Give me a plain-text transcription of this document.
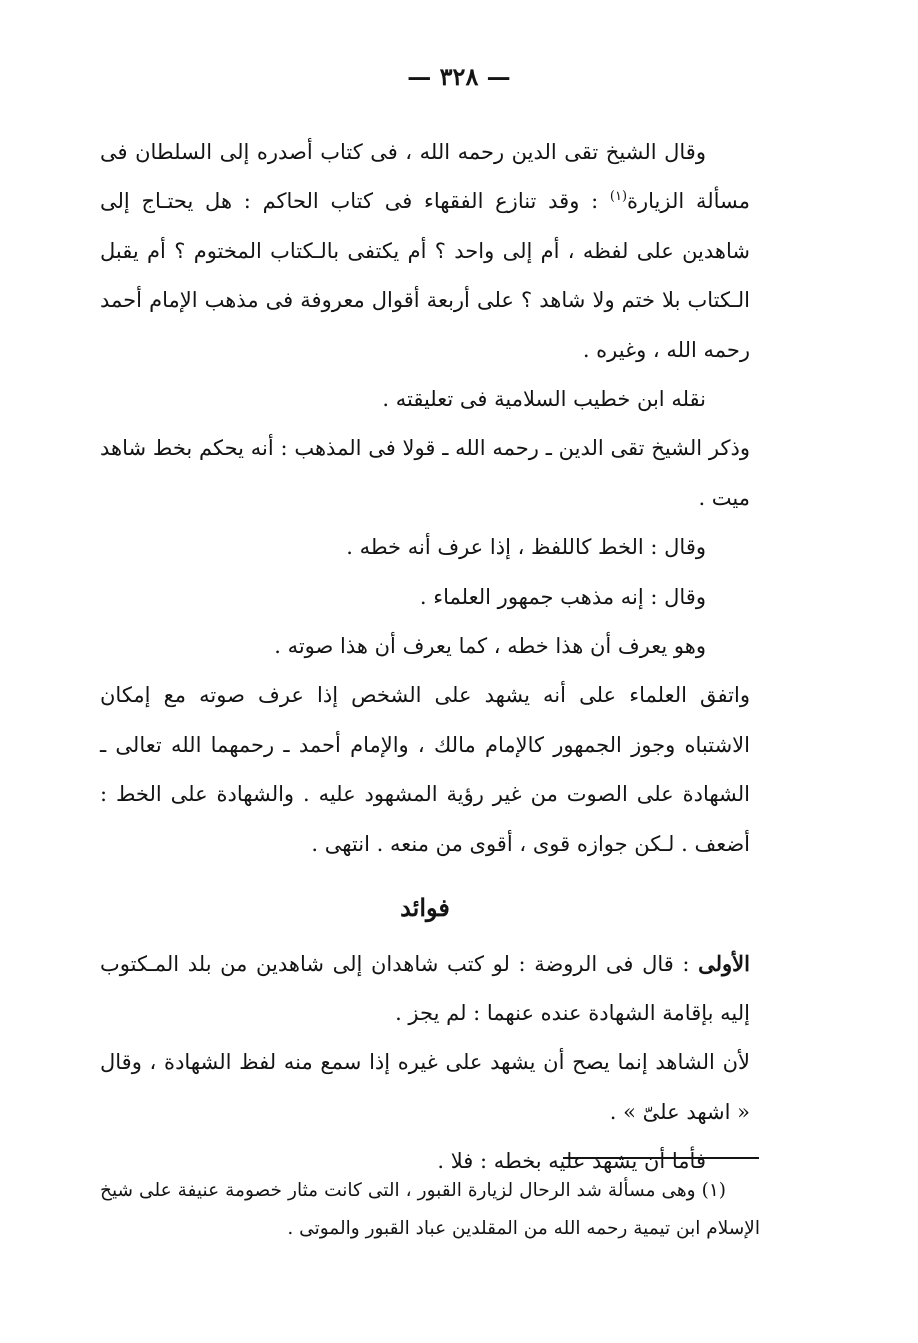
— ٣٢٨ —

وقال الشيخ تقى الدين رحمه الله ، فى كتاب أصدره إلى السلطان فى مسألة الزيارة$^{(١)}$ : وقد تنازع الفقهاء فى كتاب الحاكم : هل يحتـاج إلى شاهدين على لفظه ، أم إلى واحد ؟ أم يكتفى بالـكتاب المختوم ؟ أم يقبل الـكتاب بلا ختم ولا شاهد ؟ على أربعة أقوال معروفة فى مذهب الإمام أحمد رحمه الله ، وغيره .

نقله ابن خطيب السلامية فى تعليقته .

وذكر الشيخ تقى الدين ـ رحمه الله ـ قولا فى المذهب : أنه يحكم بخط شاهد ميت .

وقال : الخط كاللفظ ، إذا عرف أنه خطه .

وقال : إنه مذهب جمهور العلماء .

وهو يعرف أن هذا خطه ، كما يعرف أن هذا صوته .

واتفق العلماء على أنه يشهد على الشخص إذا عرف صوته مع إمكان الاشتباه وجوز الجمهور كالإمام مالك ، والإمام أحمد ـ رحمهما الله تعالى ـ الشهادة على الصوت من غير رؤية المشهود عليه . والشهادة على الخط : أضعف . لـكن جوازه قوى ، أقوى من منعه . انتهى .

فوائد

الأولى : قال فى الروضة : لو كتب شاهدان إلى شاهدين من بلد المـكتوب إليه بإقامة الشهادة عنده عنهما : لم يجز .

لأن الشاهد إنما يصح أن يشهد على غيره إذا سمع منه لفظ الشهادة ، وقال « اشهد علىّ » .

فأما أن يشهد عليه بخطه : فلا .

(١) وهى مسألة شد الرحال لزيارة القبور ، التى كانت مثار خصومة عنيفة على شيخ الإسلام ابن تيمية رحمه الله من المقلدين عباد القبور والموتى .
